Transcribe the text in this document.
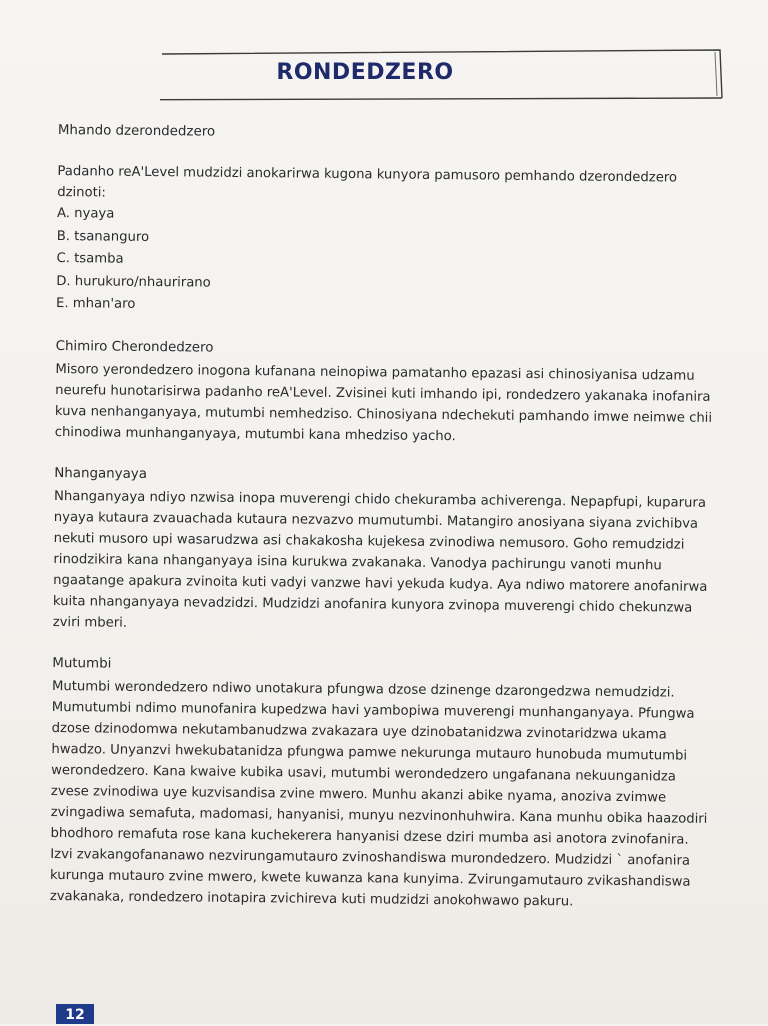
RONDEDZERO

Mhando dzerondedzero

Padanho reA'Level mudzidzi anokarirwa kugona kunyora pamusoro pemhando dzerondedzero dzinoti:

A. nyaya
B. tsananguro
C. tsamba
D. hurukuro/nhaurirano
E. mhan'aro

Chimiro Cherondedzero

Misoro yerondedzero inogona kufanana neinopiwa pamatanho epazasi asi chinosiyanisa udzamu neurefu hunotarisirwa padanho reA'Level. Zvisinei kuti imhando ipi, rondedzero yakanaka inofanira kuva nenhanganyaya, mutumbi nemhedziso. Chinosiyana ndechekuti pamhando imwe neimwe chii chinodiwa munhanganyaya, mutumbi kana mhedziso yacho.

Nhanganyaya

Nhanganyaya ndiyo nzwisa inopa muverengi chido chekuramba achiverenga. Nepapfupi, kuparura nyaya kutaura zvauachada kutaura nezvazvo mumutumbi. Matangiro anosiyana siyana zvichibva nekuti musoro upi wasarudzwa asi chakakosha kujekesa zvinodiwa nemusoro. Goho remudzidzi rinodzikira kana nhanganyaya isina kurukwa zvakanaka. Vanodya pachirungu vanoti munhu ngaatange apakura zvinoita kuti vadyi vanzwe havi yekuda kudya. Aya ndiwo matorere anofanirwa kuita nhanganyaya nevadzidzi. Mudzidzi anofanira kunyora zvinopa muverengi chido chekunzwa zviri mberi.

Mutumbi

Mutumbi werondedzero ndiwo unotakura pfungwa dzose dzinenge dzarongedzwa nemudzidzi. Mumutumbi ndimo munofanira kupedzwa havi yambopiwa muverengi munhanganyaya. Pfungwa dzose dzinodomwa nekutambanudzwa zvakazara uye dzinobatanidzwa zvinotaridzwa ukama hwadzo. Unyanzvi hwekubatanidza pfungwa pamwe nekurunga mutauro hunobuda mumutumbi werondedzero. Kana kwaive kubika usavi, mutumbi werondedzero ungafanana nekuunganidza zvese zvinodiwa uye kuzvisandisa zvine mwero. Munhu akanzi abike nyama, anoziva zvimwe zvingadiwa semafuta, madomasi, hanyanisi, munyu nezvinonhuhwira. Kana munhu obika haazodiri bhodhoro remafuta rose kana kuchekerera hanyanisi dzese dziri mumba asi anotora zvinofanira. Izvi zvakangofananawo nezvirungamutauro zvinoshandiswa murondedzero. Mudzidzi ` anofanira kurunga mutauro zvine mwero, kwete kuwanza kana kunyima. Zvirungamutauro zvikashandiswa zvakanaka, rondedzero inotapira zvichireva kuti mudzidzi anokohwawo pakuru.

12
